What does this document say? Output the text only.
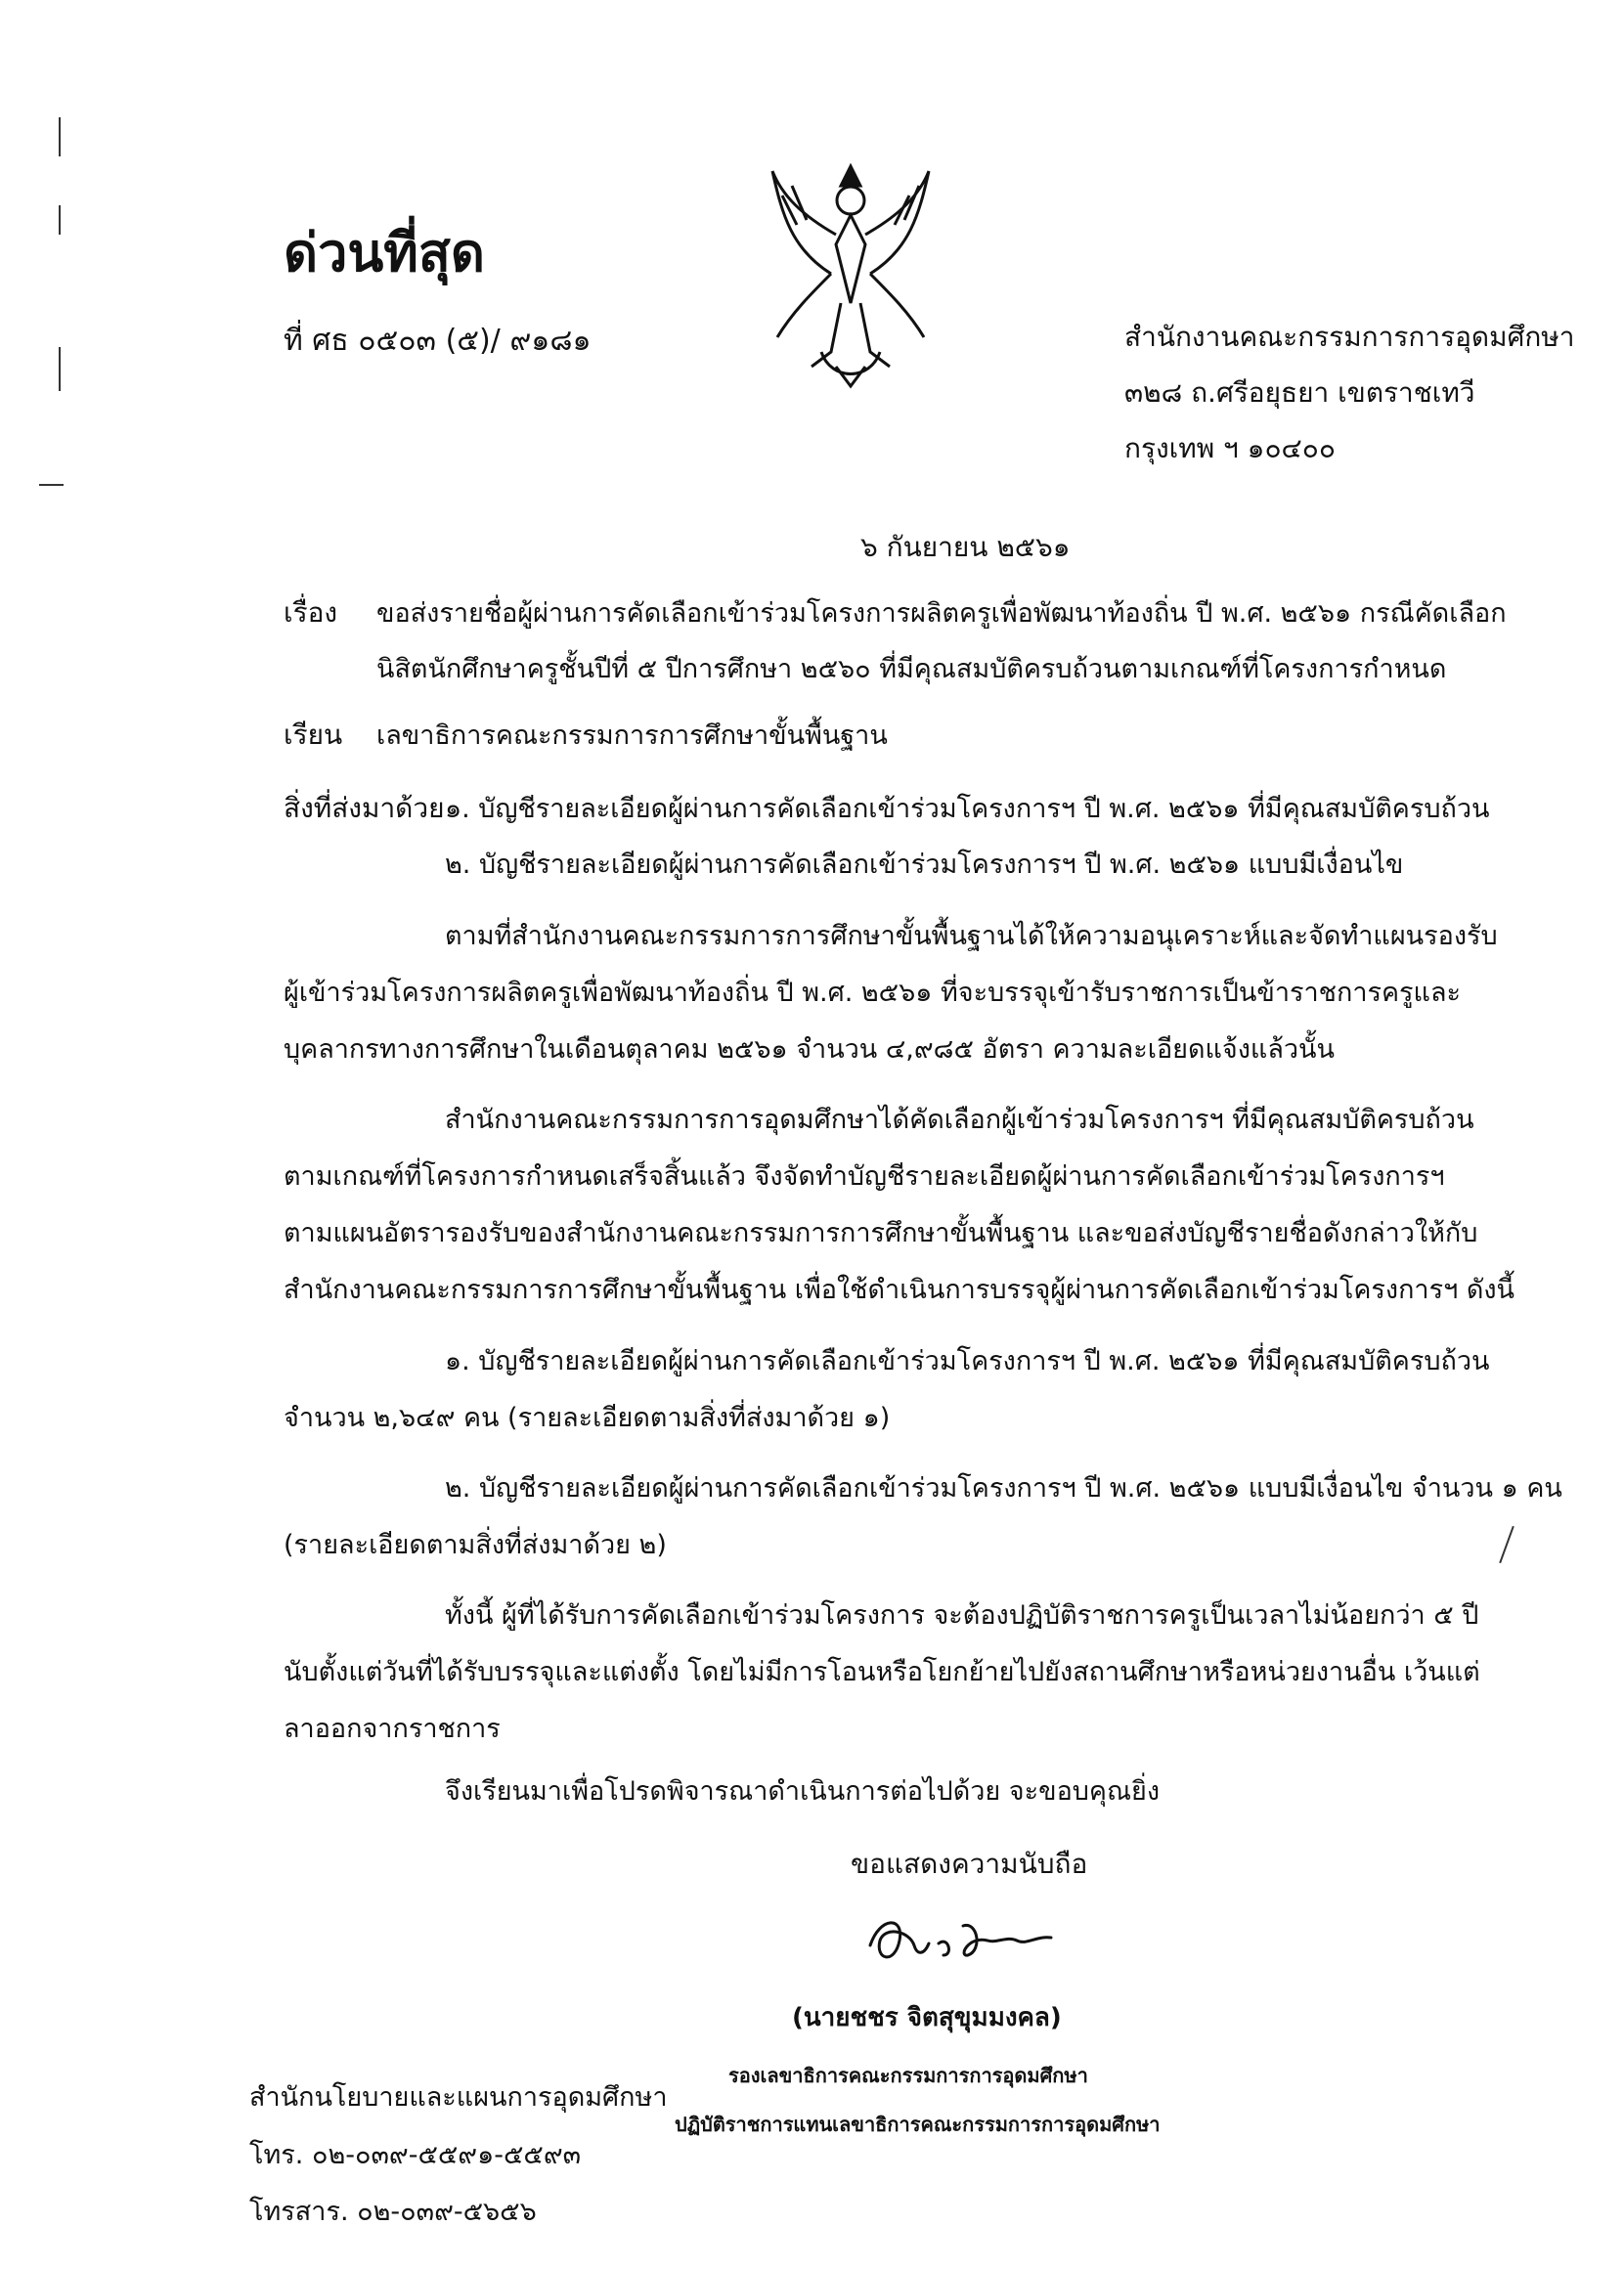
ด่วนที่สุด
ที่ ศธ ๐๕๐๓ (๕)/ ๙๑๘๑	สำนักงานคณะกรรมการการอุดมศึกษา
๓๒๘ ถ.ศรีอยุธยา เขตราชเทวี
กรุงเทพ ฯ ๑๐๔๐๐
๖ กันยายน ๒๕๖๑
เรื่อง ขอส่งรายชื่อผู้ผ่านการคัดเลือกเข้าร่วมโครงการผลิตครูเพื่อพัฒนาท้องถิ่น ปี พ.ศ. ๒๕๖๑ กรณีคัดเลือก
นิสิตนักศึกษาครูชั้นปีที่ ๕ ปีการศึกษา ๒๕๖๐ ที่มีคุณสมบัติครบถ้วนตามเกณฑ์ที่โครงการกำหนด
เรียน เลขาธิการคณะกรรมการการศึกษาขั้นพื้นฐาน
สิ่งที่ส่งมาด้วย ๑. บัญชีรายละเอียดผู้ผ่านการคัดเลือกเข้าร่วมโครงการฯ ปี พ.ศ. ๒๕๖๑ ที่มีคุณสมบัติครบถ้วน
๒. บัญชีรายละเอียดผู้ผ่านการคัดเลือกเข้าร่วมโครงการฯ ปี พ.ศ. ๒๕๖๑ แบบมีเงื่อนไข
ตามที่สำนักงานคณะกรรมการการศึกษาขั้นพื้นฐานได้ให้ความอนุเคราะห์และจัดทำแผนรองรับ
ผู้เข้าร่วมโครงการผลิตครูเพื่อพัฒนาท้องถิ่น ปี พ.ศ. ๒๕๖๑ ที่จะบรรจุเข้ารับราชการเป็นข้าราชการครูและ
บุคลากรทางการศึกษาในเดือนตุลาคม ๒๕๖๑ จำนวน ๔,๙๘๕ อัตรา ความละเอียดแจ้งแล้วนั้น
สำนักงานคณะกรรมการการอุดมศึกษาได้คัดเลือกผู้เข้าร่วมโครงการฯ ที่มีคุณสมบัติครบถ้วน
ตามเกณฑ์ที่โครงการกำหนดเสร็จสิ้นแล้ว จึงจัดทำบัญชีรายละเอียดผู้ผ่านการคัดเลือกเข้าร่วมโครงการฯ
ตามแผนอัตรารองรับของสำนักงานคณะกรรมการการศึกษาขั้นพื้นฐาน และขอส่งบัญชีรายชื่อดังกล่าวให้กับ
สำนักงานคณะกรรมการการศึกษาขั้นพื้นฐาน เพื่อใช้ดำเนินการบรรจุผู้ผ่านการคัดเลือกเข้าร่วมโครงการฯ ดังนี้
๑. บัญชีรายละเอียดผู้ผ่านการคัดเลือกเข้าร่วมโครงการฯ ปี พ.ศ. ๒๕๖๑ ที่มีคุณสมบัติครบถ้วน
จำนวน ๒,๖๔๙ คน (รายละเอียดตามสิ่งที่ส่งมาด้วย ๑)
๒. บัญชีรายละเอียดผู้ผ่านการคัดเลือกเข้าร่วมโครงการฯ ปี พ.ศ. ๒๕๖๑ แบบมีเงื่อนไข จำนวน ๑ คน
(รายละเอียดตามสิ่งที่ส่งมาด้วย ๒)
ทั้งนี้ ผู้ที่ได้รับการคัดเลือกเข้าร่วมโครงการ จะต้องปฏิบัติราชการครูเป็นเวลาไม่น้อยกว่า ๕ ปี
นับตั้งแต่วันที่ได้รับบรรจุและแต่งตั้ง โดยไม่มีการโอนหรือโยกย้ายไปยังสถานศึกษาหรือหน่วยงานอื่น เว้นแต่
ลาออกจากราชการ
จึงเรียนมาเพื่อโปรดพิจารณาดำเนินการต่อไปด้วย จะขอบคุณยิ่ง
ขอแสดงความนับถือ
(นายชชร จิตสุขุมมงคล)
รองเลขาธิการคณะกรรมการการอุดมศึกษา
ปฏิบัติราชการแทนเลขาธิการคณะกรรมการการอุดมศึกษา
สำนักนโยบายและแผนการอุดมศึกษา
โทร. ๐๒-๐๓๙-๕๕๙๑-๕๕๙๓
โทรสาร. ๐๒-๐๓๙-๕๖๕๖
